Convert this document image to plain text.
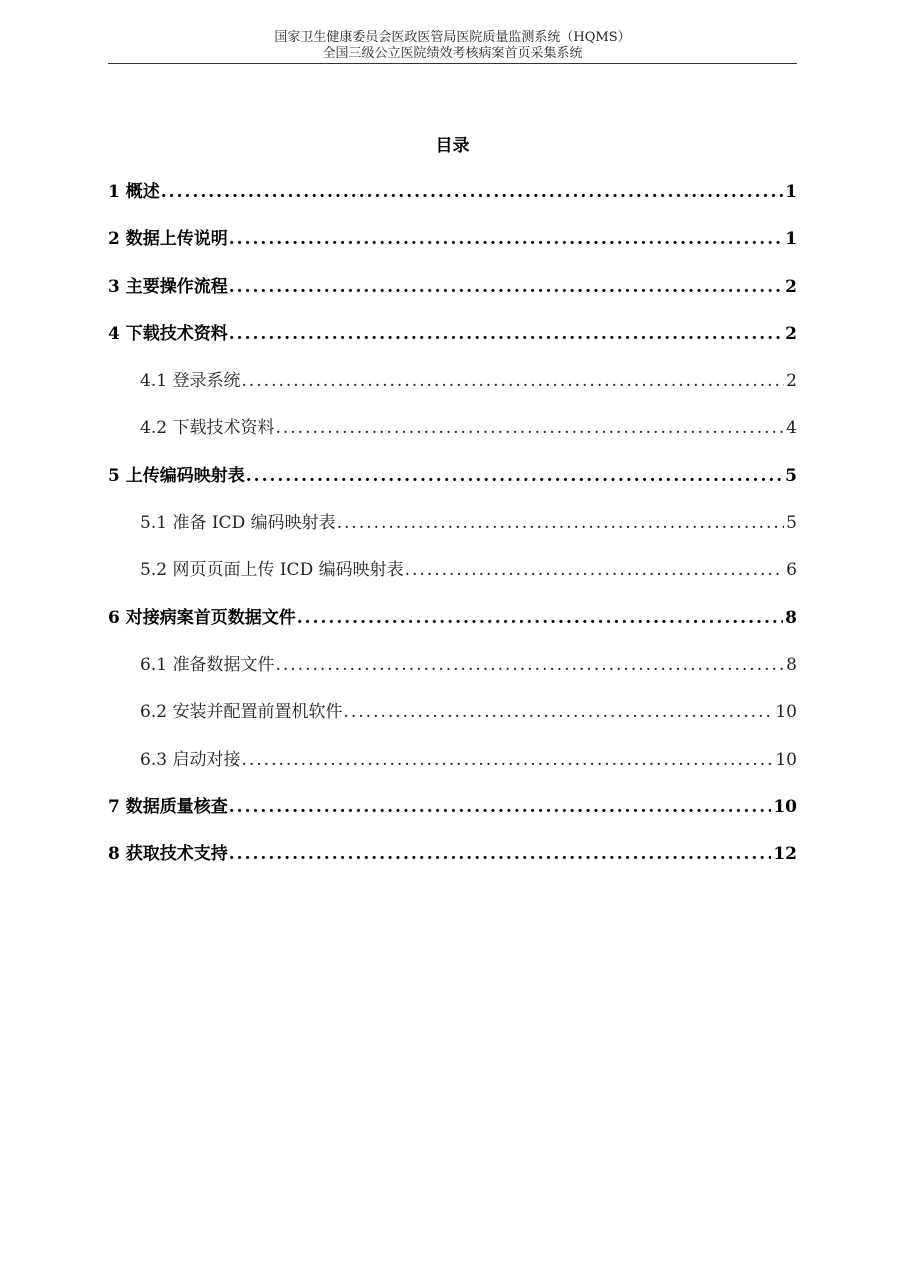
国家卫生健康委员会医政医管局医院质量监测系统（HQMS）
全国三级公立医院绩效考核病案首页采集系统
目录
1 概述 .....	1
2 数据上传说明 .....	1
3 主要操作流程 .....	2
4 下载技术资料 .....	2
4.1 登录系统 .....	2
4.2 下载技术资料 .....	4
5 上传编码映射表 .....	5
5.1 准备 ICD 编码映射表 .....	5
5.2 网页页面上传 ICD 编码映射表 .....	6
6 对接病案首页数据文件 .....	8
6.1 准备数据文件 .....	8
6.2 安装并配置前置机软件 .....	10
6.3 启动对接 .....	10
7 数据质量核查 .....	10
8 获取技术支持 .....	12
